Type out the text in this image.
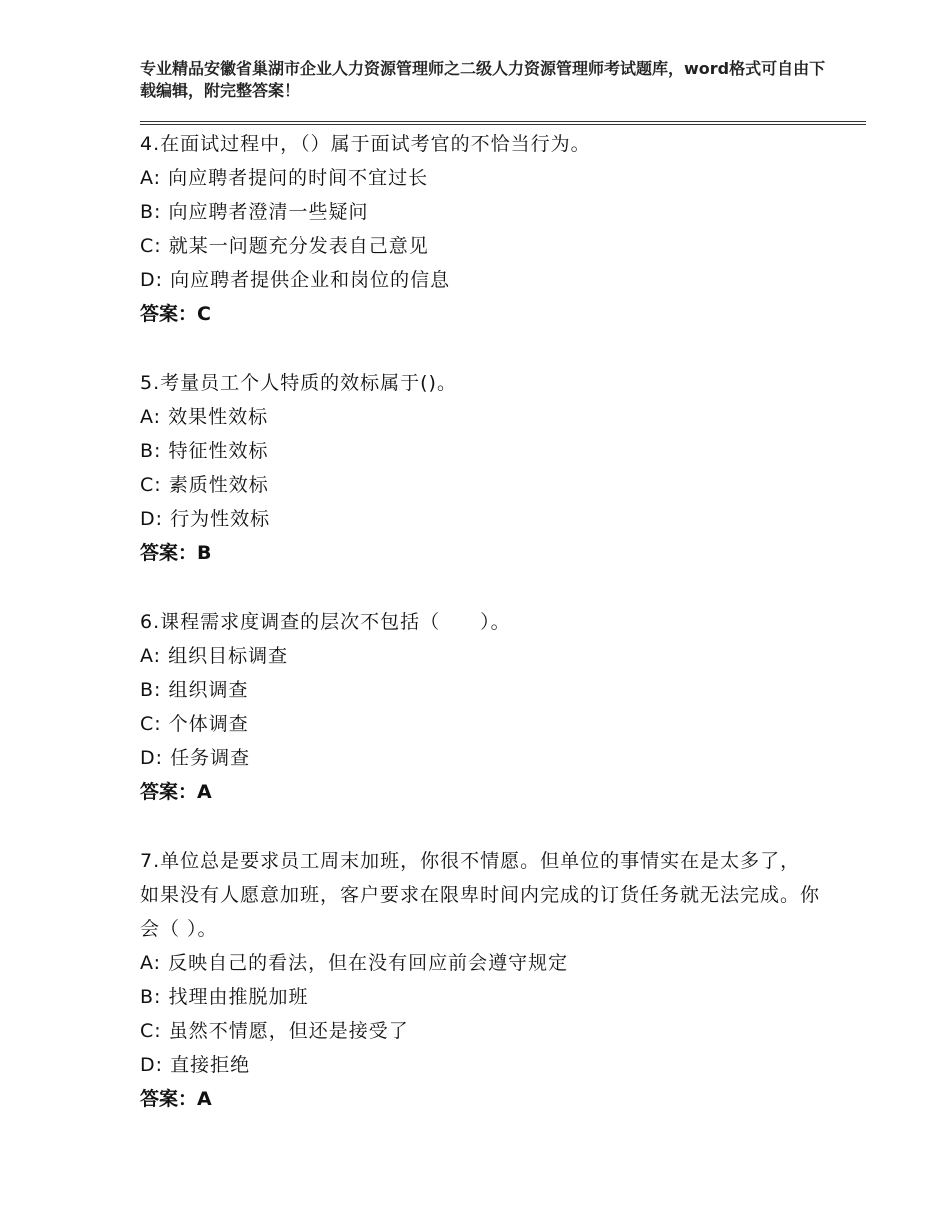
专业精品安徽省巢湖市企业人力资源管理师之二级人力资源管理师考试题库，word格式可自由下载编辑，附完整答案！
4.在面试过程中，（）属于面试考官的不恰当行为。
A: 向应聘者提问的时间不宜过长
B: 向应聘者澄清一些疑问
C: 就某一问题充分发表自己意见
D: 向应聘者提供企业和岗位的信息
答案：C
5.考量员工个人特质的效标属于()。
A: 效果性效标
B: 特征性效标
C: 素质性效标
D: 行为性效标
答案：B
6.课程需求度调查的层次不包括（　　）。
A: 组织目标调查
B: 组织调查
C: 个体调查
D: 任务调查
答案：A
7.单位总是要求员工周末加班，你很不情愿。但单位的事情实在是太多了，如果没有人愿意加班，客户要求在限卑时间内完成的订货任务就无法完成。你会（ ）。
A: 反映自己的看法，但在没有回应前会遵守规定
B: 找理由推脱加班
C: 虽然不情愿，但还是接受了
D: 直接拒绝
答案：A
